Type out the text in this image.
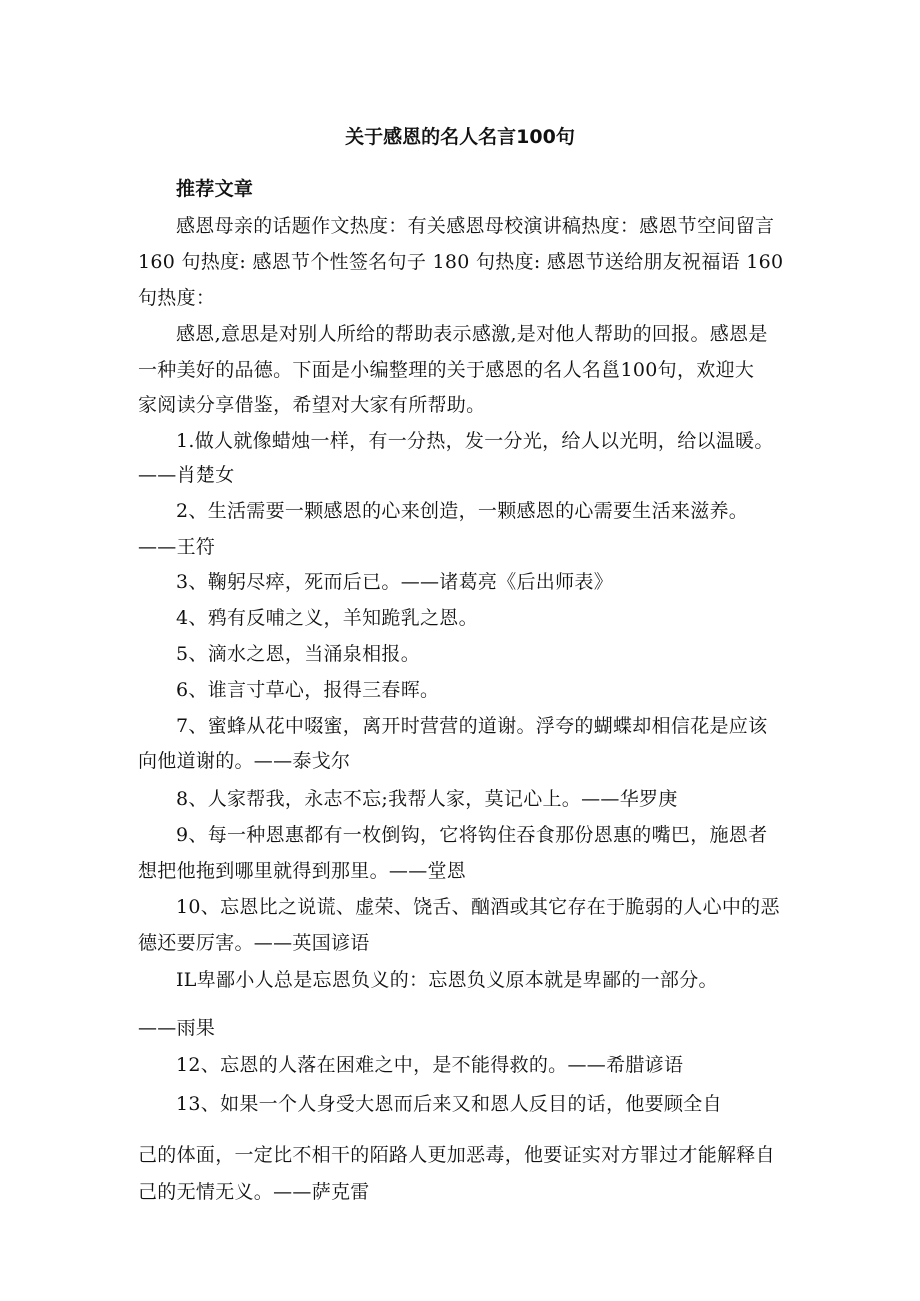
关于感恩的名人名言100句
推荐文章
感恩母亲的话题作文热度：有关感恩母校演讲稿热度：感恩节空间留言
160 句热度: 感恩节个性签名句子 180 句热度: 感恩节送给朋友祝福语 160
句热度：
感恩,意思是对别人所给的帮助表示感激,是对他人帮助的回报。感恩是
一种美好的品德。下面是小编整理的关于感恩的名人名邕100句，欢迎大
家阅读分享借鉴，希望对大家有所帮助。
1.做人就像蜡烛一样，有一分热，发一分光，给人以光明，给以温暖。
——肖楚女
2、生活需要一颗感恩的心来创造，一颗感恩的心需要生活来滋养。
——王符
3、鞠躬尽瘁，死而后已。——诸葛亮《后出师表》
4、鸦有反哺之义，羊知跪乳之恩。
5、滴水之恩，当涌泉相报。
6、谁言寸草心，报得三春晖。
7、蜜蜂从花中啜蜜，离开时营营的道谢。浮夸的蝴蝶却相信花是应该
向他道谢的。——泰戈尔
8、人家帮我，永志不忘;我帮人家，莫记心上。——华罗庚
9、每一种恩惠都有一枚倒钩，它将钩住吞食那份恩惠的嘴巴，施恩者
想把他拖到哪里就得到那里。——堂恩
10、忘恩比之说谎、虚荣、饶舌、酗酒或其它存在于脆弱的人心中的恶
德还要厉害。——英国谚语
IL卑鄙小人总是忘恩负义的：忘恩负义原本就是卑鄙的一部分。
——雨果
12、忘恩的人落在困难之中，是不能得救的。——希腊谚语
13、如果一个人身受大恩而后来又和恩人反目的话，他要顾全自
己的体面，一定比不相干的陌路人更加恶毒，他要证实对方罪过才能解释自
己的无情无义。——萨克雷
